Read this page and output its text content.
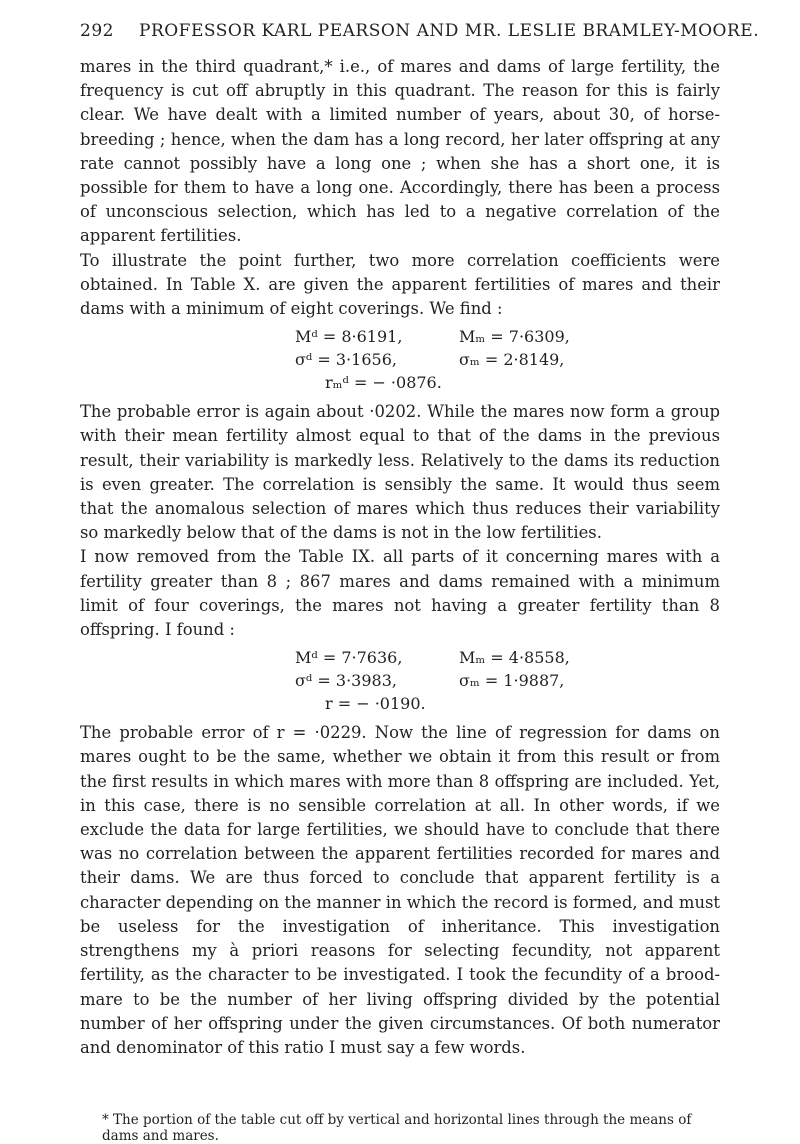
292 PROFESSOR KARL PEARSON AND MR. LESLIE BRAMLEY-MOORE.

mares in the third quadrant,* i.e., of mares and dams of large fertility, the frequency is cut off abruptly in this quadrant. The reason for this is fairly clear. We have dealt with a limited number of years, about 30, of horse-breeding ; hence, when the dam has a long record, her later offspring at any rate cannot possibly have a long one ; when she has a short one, it is possible for them to have a long one. Accordingly, there has been a process of unconscious selection, which has led to a negative correlation of the apparent fertilities.

To illustrate the point further, two more correlation coefficients were obtained. In Table X. are given the apparent fertilities of mares and their dams with a minimum of eight coverings. We find :

Mᵈ = 8·6191,	Mₘ = 7·6309,
σᵈ = 3·1656,	σₘ = 2·8149,
rₘᵈ = − ·0876.

The probable error is again about ·0202. While the mares now form a group with their mean fertility almost equal to that of the dams in the previous result, their variability is markedly less. Relatively to the dams its reduction is even greater. The correlation is sensibly the same. It would thus seem that the anomalous selection of mares which thus reduces their variability so markedly below that of the dams is not in the low fertilities.

I now removed from the Table IX. all parts of it concerning mares with a fertility greater than 8 ; 867 mares and dams remained with a minimum limit of four coverings, the mares not having a greater fertility than 8 offspring. I found :

Mᵈ = 7·7636,	Mₘ = 4·8558,
σᵈ = 3·3983,	σₘ = 1·9887,
r = − ·0190.

The probable error of r = ·0229. Now the line of regression for dams on mares ought to be the same, whether we obtain it from this result or from the first results in which mares with more than 8 offspring are included. Yet, in this case, there is no sensible correlation at all. In other words, if we exclude the data for large fertilities, we should have to conclude that there was no correlation between the apparent fertilities recorded for mares and their dams. We are thus forced to conclude that apparent fertility is a character depending on the manner in which the record is formed, and must be useless for the investigation of inheritance. This investigation strengthens my à priori reasons for selecting fecundity, not apparent fertility, as the character to be investigated. I took the fecundity of a brood-mare to be the number of her living offspring divided by the potential number of her offspring under the given circumstances. Of both numerator and denominator of this ratio I must say a few words.

* The portion of the table cut off by vertical and horizontal lines through the means of dams and mares.
